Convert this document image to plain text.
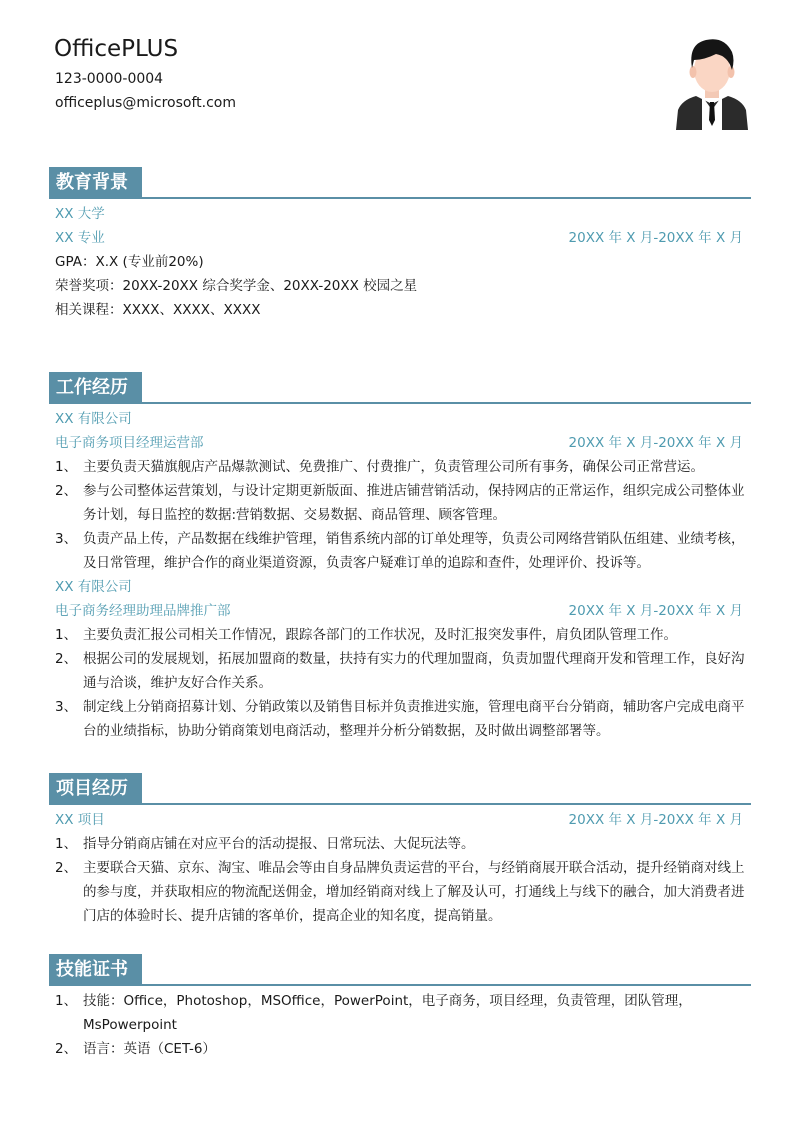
OfficePLUS
123-0000-0004
officeplus@microsoft.com
教育背景
XX 大学
XX 专业	20XX 年 X 月-20XX 年 X 月
GPA：X.X (专业前20%)
荣誉奖项：20XX-20XX 综合奖学金、20XX-20XX 校园之星
相关课程：XXXX、XXXX、XXXX
工作经历
XX 有限公司
电子商务项目经理运营部	20XX 年 X 月-20XX 年 X 月
1、 主要负责天猫旗舰店产品爆款测试、免费推广、付费推广，负责管理公司所有事务，确保公司正常营运。
2、 参与公司整体运营策划，与设计定期更新版面、推进店铺营销活动，保持网店的正常运作，组织完成公司整体业务计划，每日监控的数据:营销数据、交易数据、商品管理、顾客管理。
3、 负责产品上传，产品数据在线维护管理，销售系统内部的订单处理等，负责公司网络营销队伍组建、业绩考核，及日常管理，维护合作的商业渠道资源，负责客户疑难订单的追踪和查件，处理评价、投诉等。
XX 有限公司
电子商务经理助理品牌推广部	20XX 年 X 月-20XX 年 X 月
1、 主要负责汇报公司相关工作情况，跟踪各部门的工作状况，及时汇报突发事件，肩负团队管理工作。
2、 根据公司的发展规划，拓展加盟商的数量，扶持有实力的代理加盟商，负责加盟代理商开发和管理工作，良好沟通与洽谈，维护友好合作关系。
3、 制定线上分销商招募计划、分销政策以及销售目标并负责推进实施，管理电商平台分销商，辅助客户完成电商平台的业绩指标，协助分销商策划电商活动，整理并分析分销数据，及时做出调整部署等。
项目经历
XX 项目	20XX 年 X 月-20XX 年 X 月
1、 指导分销商店铺在对应平台的活动提报、日常玩法、大促玩法等。
2、 主要联合天猫、京东、淘宝、唯品会等由自身品牌负责运营的平台，与经销商展开联合活动，提升经销商对线上的参与度，并获取相应的物流配送佣金，增加经销商对线上了解及认可，打通线上与线下的融合，加大消费者进门店的体验时长、提升店铺的客单价，提高企业的知名度，提高销量。
技能证书
1、 技能：Office，Photoshop，MSOffice，PowerPoint，电子商务，项目经理，负责管理，团队管理，MsPowerpoint
2、 语言：英语（CET-6）
